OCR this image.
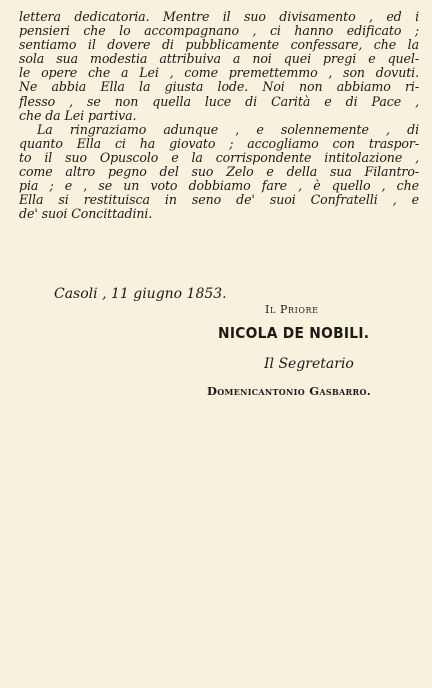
lettera dedicatoria. Mentre il suo divisamento , ed i
pensieri che lo accompagnano , ci hanno edificato ;
sentiamo il dovere di pubblicamente confessare, che la
sola sua modestia attribuiva a noi quei pregi e quel-
le opere che a Lei , come premettemmo , son dovuti.
Ne abbia Ella la giusta lode. Noi non abbiamo ri-
flesso , se non quella luce di Carità e di Pace ,
che da Lei partiva.
La ringraziamo adunque , e solennemente , di
quanto Ella ci ha giovato ; accogliamo con traspor-
to il suo Opuscolo e la corrispondente intitolazione ,
come altro pegno del suo Zelo e della sua Filantro-
pia ; e , se un voto dobbiamo fare , è quello , che
Ella si restituisca in seno de' suoi Confratelli , e
de' suoi Concittadini.
Casoli , 11 giugno 1853.
Il Priore
NICOLA DE NOBILI.
Il Segretario
Domenicantonio Gasbarro.
